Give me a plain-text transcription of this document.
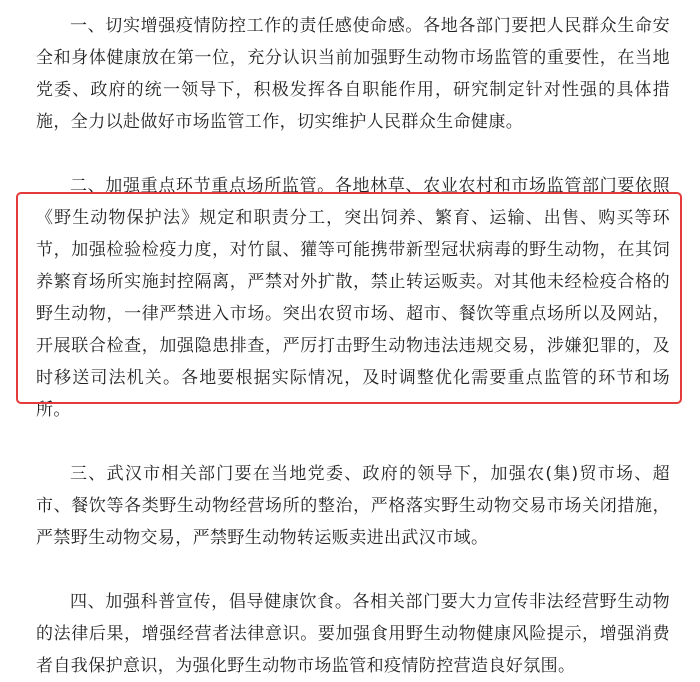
一、切实增强疫情防控工作的责任感使命感。各地各部门要把人民群众生命安全和身体健康放在第一位，充分认识当前加强野生动物市场监管的重要性，在当地党委、政府的统一领导下，积极发挥各自职能作用，研究制定针对性强的具体措施，全力以赴做好市场监管工作，切实维护人民群众生命健康。

二、加强重点环节重点场所监管。各地林草、农业农村和市场监管部门要依照《野生动物保护法》规定和职责分工，突出饲养、繁育、运输、出售、购买等环节，加强检验检疫力度，对竹鼠、獾等可能携带新型冠状病毒的野生动物，在其饲养繁育场所实施封控隔离，严禁对外扩散，禁止转运贩卖。对其他未经检疫合格的野生动物，一律严禁进入市场。突出农贸市场、超市、餐饮等重点场所以及网站，开展联合检查，加强隐患排查，严厉打击野生动物违法违规交易，涉嫌犯罪的，及时移送司法机关。各地要根据实际情况，及时调整优化需要重点监管的环节和场所。

三、武汉市相关部门要在当地党委、政府的领导下，加强农(集)贸市场、超市、餐饮等各类野生动物经营场所的整治，严格落实野生动物交易市场关闭措施，严禁野生动物交易，严禁野生动物转运贩卖进出武汉市域。

四、加强科普宣传，倡导健康饮食。各相关部门要大力宣传非法经营野生动物的法律后果，增强经营者法律意识。要加强食用野生动物健康风险提示，增强消费者自我保护意识，为强化野生动物市场监管和疫情防控营造良好氛围。
